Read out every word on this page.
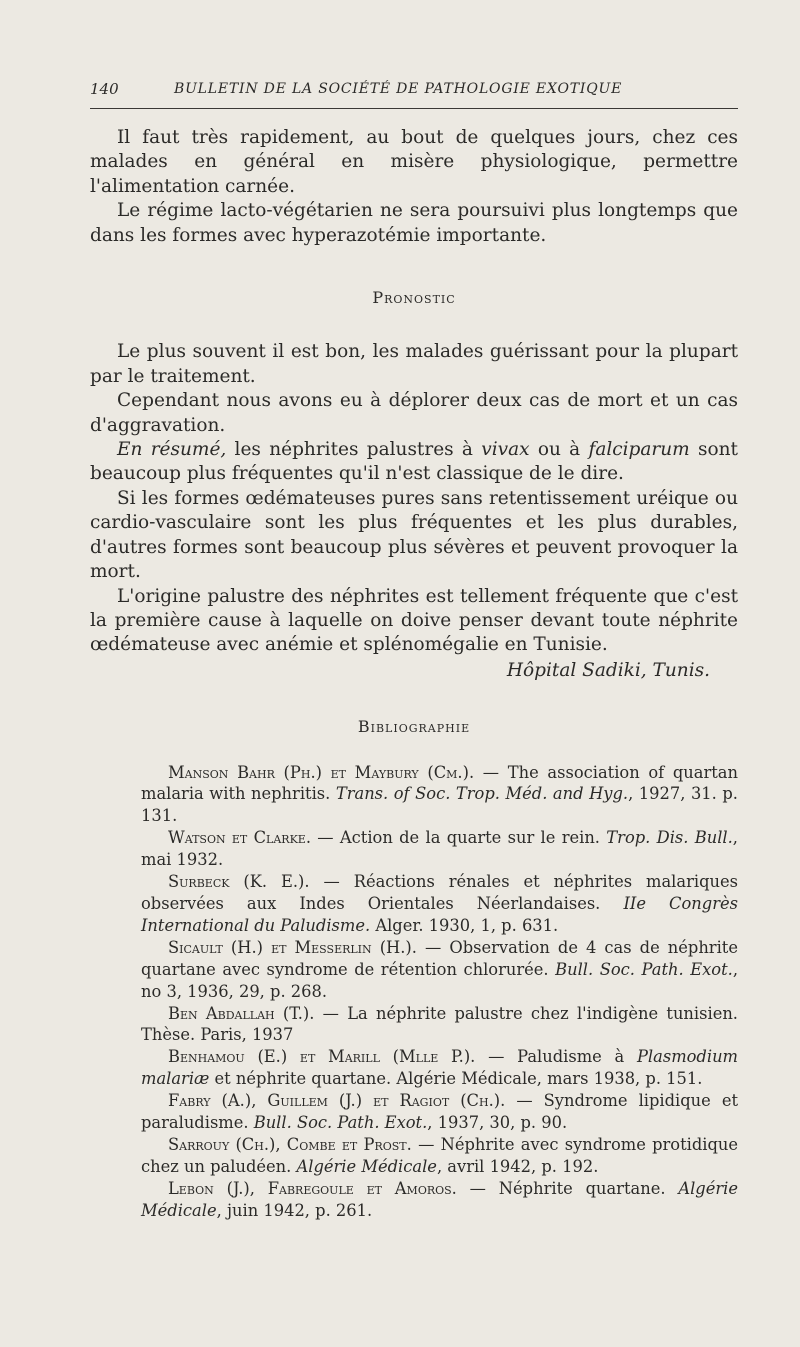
140	BULLETIN DE LA SOCIÉTÉ DE PATHOLOGIE EXOTIQUE

Il faut très rapidement, au bout de quelques jours, chez ces malades en général en misère physiologique, permettre l'alimentation carnée.

Le régime lacto-végétarien ne sera poursuivi plus longtemps que dans les formes avec hyperazotémie importante.

Pronostic

Le plus souvent il est bon, les malades guérissant pour la plupart par le traitement.

Cependant nous avons eu à déplorer deux cas de mort et un cas d'aggravation.

En résumé, les néphrites palustres à vivax ou à falciparum sont beaucoup plus fréquentes qu'il n'est classique de le dire.

Si les formes œdémateuses pures sans retentissement uréique ou cardio-vasculaire sont les plus fréquentes et les plus durables, d'autres formes sont beaucoup plus sévères et peuvent provoquer la mort.

L'origine palustre des néphrites est tellement fréquente que c'est la première cause à laquelle on doive penser devant toute néphrite œdémateuse avec anémie et splénomégalie en Tunisie.

Hôpital Sadiki, Tunis.
Bibliographie

Manson Bahr (Ph.) et Maybury (Cm.). — The association of quartan malaria with nephritis. Trans. of Soc. Trop. Méd. and Hyg., 1927, 31. p. 131.

Watson et Clarke. — Action de la quarte sur le rein. Trop. Dis. Bull., mai 1932.

Surbeck (K. E.). — Réactions rénales et néphrites malariques observées aux Indes Orientales Néerlandaises. IIe Congrès International du Paludisme. Alger. 1930, 1, p. 631.

Sicault (H.) et Messerlin (H.). — Observation de 4 cas de néphrite quartane avec syndrome de rétention chlorurée. Bull. Soc. Path. Exot., no 3, 1936, 29, p. 268.

Ben Abdallah (T.). — La néphrite palustre chez l'indigène tunisien. Thèse. Paris, 1937

Benhamou (E.) et Marill (Mlle P.). — Paludisme à Plasmodium malariæ et néphrite quartane. Algérie Médicale, mars 1938, p. 151.

Fabry (A.), Guillem (J.) et Ragiot (Ch.). — Syndrome lipidique et paraludisme. Bull. Soc. Path. Exot., 1937, 30, p. 90.

Sarrouy (Ch.), Combe et Prost. — Néphrite avec syndrome protidique chez un paludéen. Algérie Médicale, avril 1942, p. 192.

Lebon (J.), Fabregoule et Amoros. — Néphrite quartane. Algérie Médicale, juin 1942, p. 261.
